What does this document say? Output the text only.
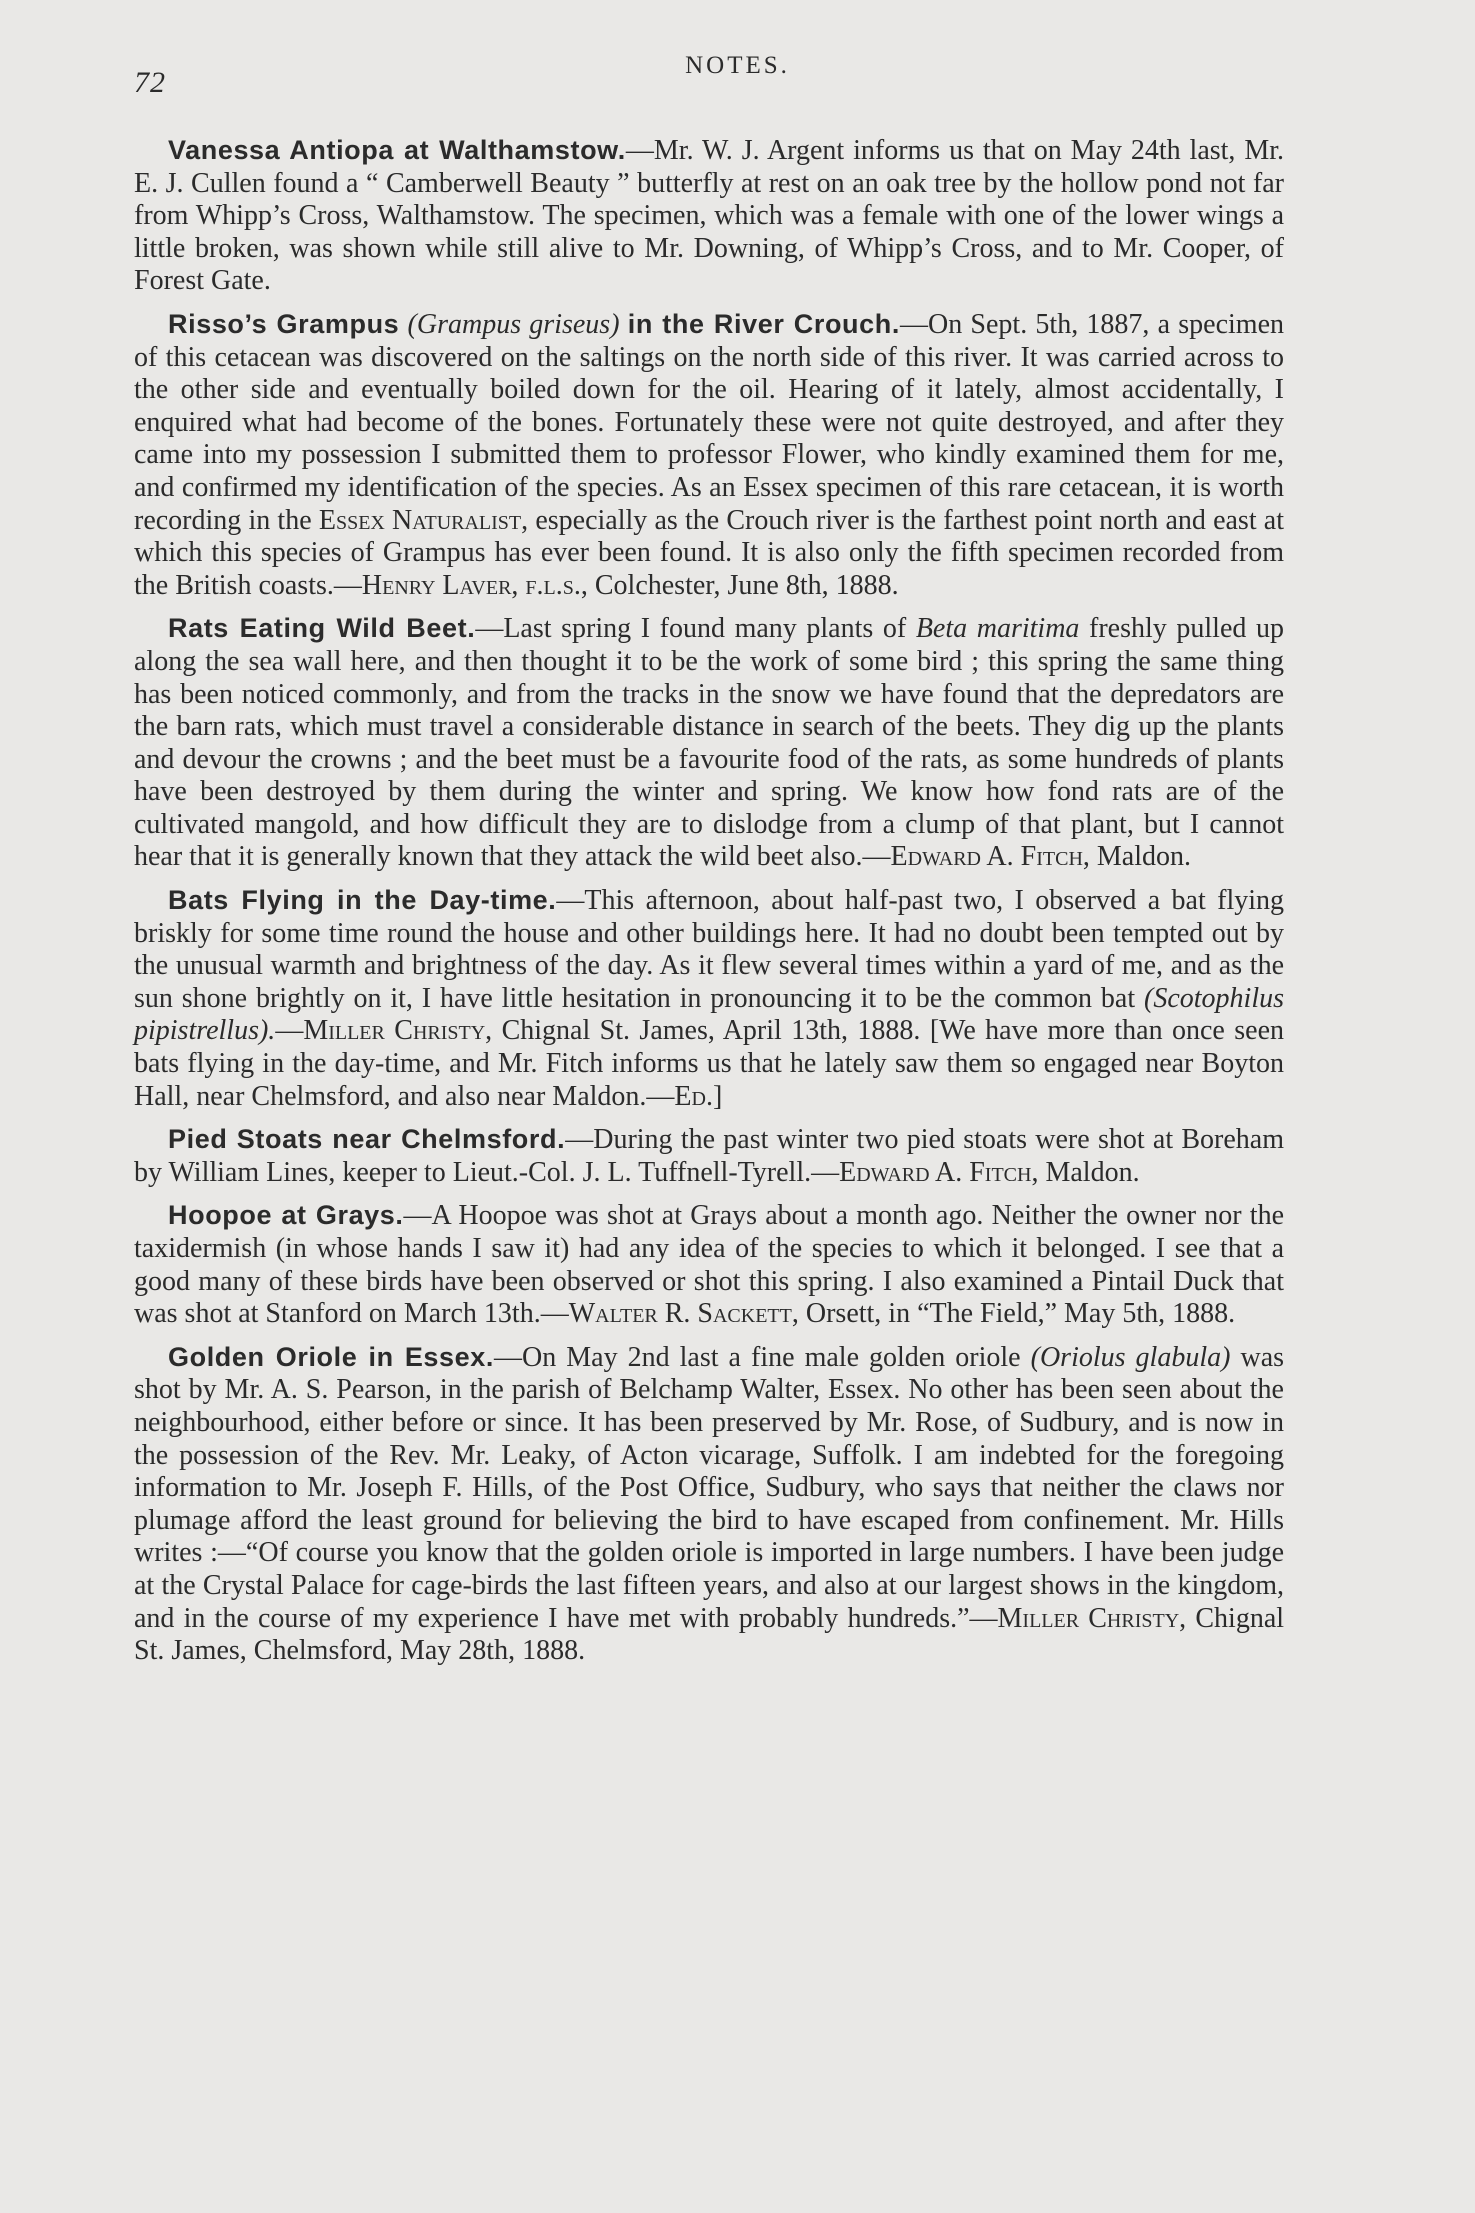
72
NOTES.

Vanessa Antiopa at Walthamstow.—Mr. W. J. Argent informs us that on May 24th last, Mr. E. J. Cullen found a “ Camberwell Beauty ” butterfly at rest on an oak tree by the hollow pond not far from Whipp’s Cross, Walthamstow. The specimen, which was a female with one of the lower wings a little broken, was shown while still alive to Mr. Downing, of Whipp’s Cross, and to Mr. Cooper, of Forest Gate.

Risso’s Grampus (Grampus griseus) in the River Crouch.—On Sept. 5th, 1887, a specimen of this cetacean was discovered on the saltings on the north side of this river. It was carried across to the other side and eventually boiled down for the oil. Hearing of it lately, almost accidentally, I enquired what had become of the bones. Fortunately these were not quite destroyed, and after they came into my possession I submitted them to professor Flower, who kindly examined them for me, and confirmed my identification of the species. As an Essex specimen of this rare cetacean, it is worth recording in the Essex Naturalist, especially as the Crouch river is the farthest point north and east at which this species of Grampus has ever been found. It is also only the fifth specimen recorded from the British coasts.—Henry Laver, f.l.s., Colchester, June 8th, 1888.

Rats Eating Wild Beet.—Last spring I found many plants of Beta maritima freshly pulled up along the sea wall here, and then thought it to be the work of some bird ; this spring the same thing has been noticed commonly, and from the tracks in the snow we have found that the depredators are the barn rats, which must travel a considerable distance in search of the beets. They dig up the plants and devour the crowns ; and the beet must be a favourite food of the rats, as some hundreds of plants have been destroyed by them during the winter and spring. We know how fond rats are of the cultivated mangold, and how difficult they are to dislodge from a clump of that plant, but I cannot hear that it is generally known that they attack the wild beet also.—Edward A. Fitch, Maldon.

Bats Flying in the Day-time.—This afternoon, about half-past two, I observed a bat flying briskly for some time round the house and other buildings here. It had no doubt been tempted out by the unusual warmth and brightness of the day. As it flew several times within a yard of me, and as the sun shone brightly on it, I have little hesitation in pronouncing it to be the common bat (Scotophilus pipistrellus).—Miller Christy, Chignal St. James, April 13th, 1888. [We have more than once seen bats flying in the day-time, and Mr. Fitch informs us that he lately saw them so engaged near Boyton Hall, near Chelmsford, and also near Maldon.—Ed.]

Pied Stoats near Chelmsford.—During the past winter two pied stoats were shot at Boreham by William Lines, keeper to Lieut.-Col. J. L. Tuffnell-Tyrell.—Edward A. Fitch, Maldon.

Hoopoe at Grays.—A Hoopoe was shot at Grays about a month ago. Neither the owner nor the taxidermish (in whose hands I saw it) had any idea of the species to which it belonged. I see that a good many of these birds have been observed or shot this spring. I also examined a Pintail Duck that was shot at Stanford on March 13th.—Walter R. Sackett, Orsett, in “The Field,” May 5th, 1888.

Golden Oriole in Essex.—On May 2nd last a fine male golden oriole (Oriolus glabula) was shot by Mr. A. S. Pearson, in the parish of Belchamp Walter, Essex. No other has been seen about the neighbourhood, either before or since. It has been preserved by Mr. Rose, of Sudbury, and is now in the possession of the Rev. Mr. Leaky, of Acton vicarage, Suffolk. I am indebted for the foregoing information to Mr. Joseph F. Hills, of the Post Office, Sudbury, who says that neither the claws nor plumage afford the least ground for believing the bird to have escaped from confinement. Mr. Hills writes :—“Of course you know that the golden oriole is imported in large numbers. I have been judge at the Crystal Palace for cage-birds the last fifteen years, and also at our largest shows in the kingdom, and in the course of my experience I have met with probably hundreds.”—Miller Christy, Chignal St. James, Chelmsford, May 28th, 1888.
